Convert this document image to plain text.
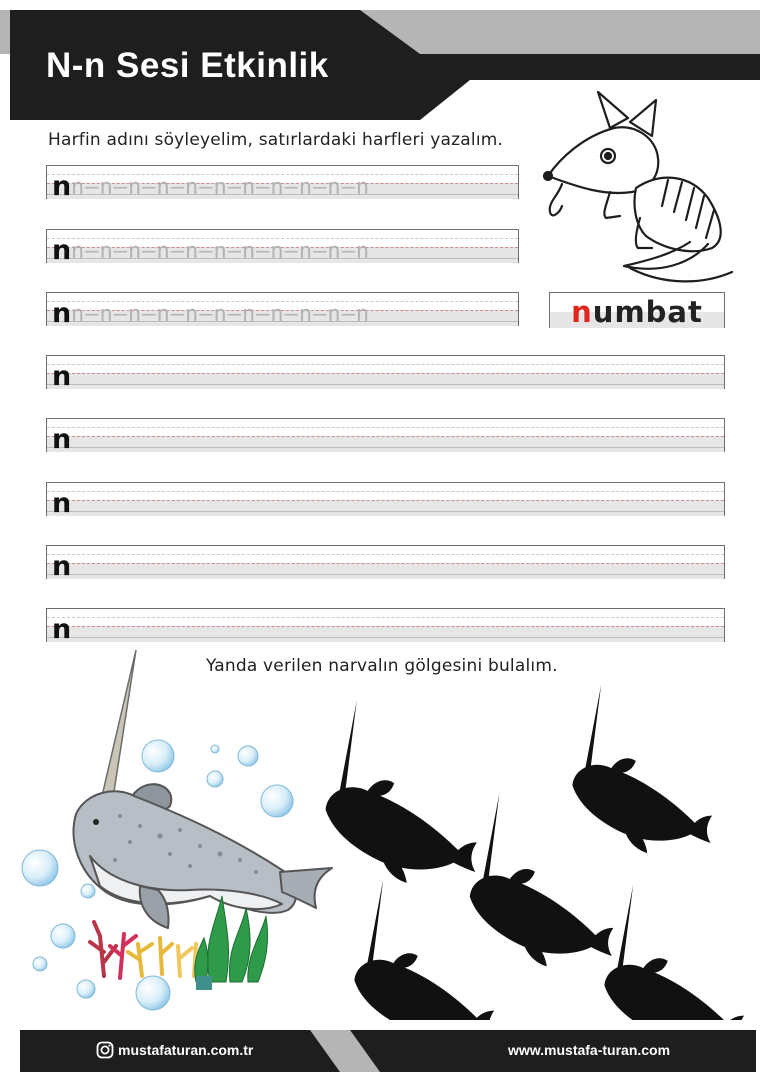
N-n Sesi Etkinlik
Harfin adını söyleyelim, satırlardaki harfleri yazalım.
n n–n–n–n–n–n–n–n–n–n–n
n n–n–n–n–n–n–n–n–n–n–n
n n–n–n–n–n–n–n–n–n–n–n	numbat
n
n
n
n
n
Yanda verilen narvalın gölgesini bulalım.
mustafaturan.com.tr	www.mustafa-turan.com
